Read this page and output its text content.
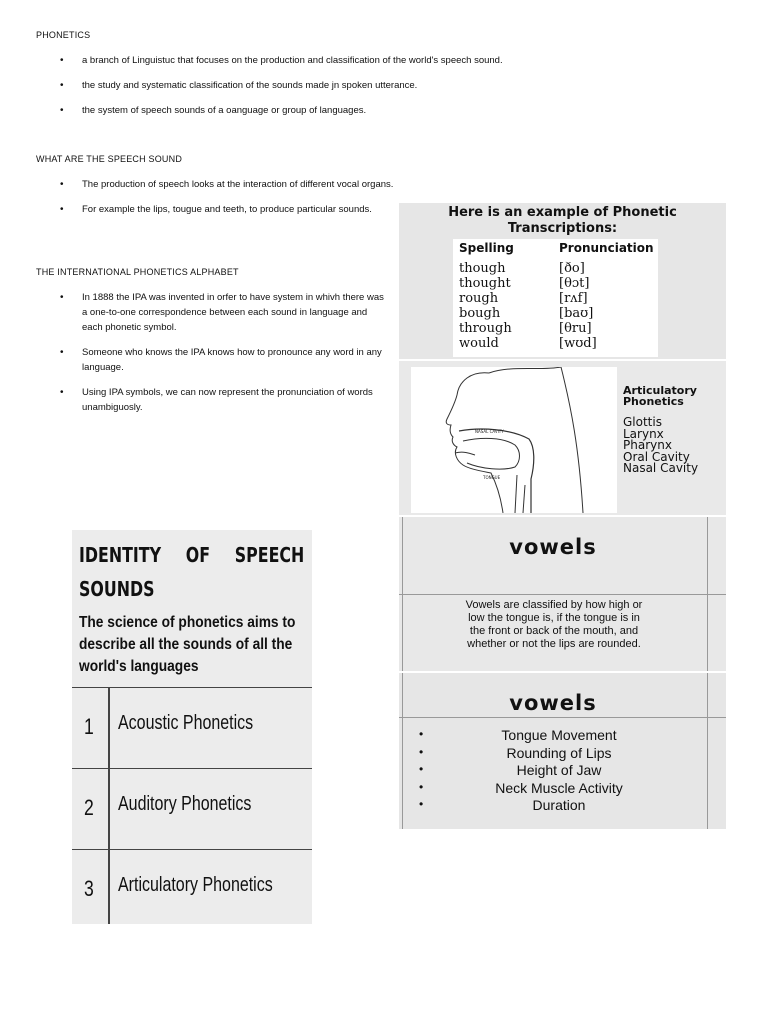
PHONETICS
• a branch of Linguistuc that focuses on the production and classification of the world's speech sound.
• the study and systematic classification of the sounds made jn spoken utterance.
• the system of speech sounds of a oanguage or group of languages.
WHAT ARE THE SPEECH SOUND
• The production of speech looks at the interaction of different vocal organs.
• For example the lips, tougue and teeth, to produce particular sounds.
THE INTERNATIONAL PHONETICS ALPHABET
• In 1888 the IPA was invented in orfer to have system in whivh there was a one-to-one correspondence between each sound in language and each phonetic symbol.
• Someone who knows the IPA knows how to pronounce any word in any language.
• Using IPA symbols, we can now represent the pronunciation of words unambiguosly.
Here is an example of Phonetic
Transcriptions:
Spelling	Pronunciation
though	[ðo]
thought	[θɔt]
rough	[rʌf]
bough	[baʊ]
through	[θru]
would	[wʊd]
NASAL CAVITY
TONGUE
Articulatory
Phonetics
Glottis
Larynx
Pharynx
Oral Cavity
Nasal Cavity
vowels
Vowels are classified by how high or low the tongue is, if the tongue is in the front or back of the mouth, and whether or not the lips are rounded.
vowels
• Tongue Movement
• Rounding of Lips
• Height of Jaw
• Neck Muscle Activity
• Duration
IDENTITY OF SPEECH
SOUNDS
The science of phonetics aims to describe all the sounds of all the world's languages
1 Acoustic Phonetics
2 Auditory Phonetics
3 Articulatory Phonetics
